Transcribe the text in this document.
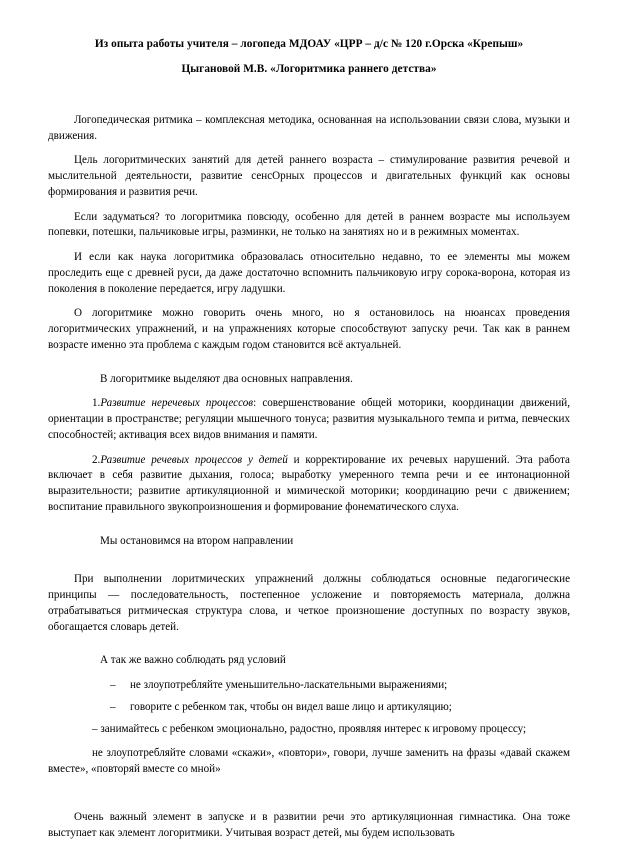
Из опыта работы учителя – логопеда МДОАУ «ЦРР – д/с № 120 г.Орска «Крепыш»
Цыгановой М.В. «Логоритмика раннего детства»

Логопедическая ритмика – комплексная методика, основанная на использовании связи слова, музыки и движения.

Цель логоритмических занятий для детей раннего возраста – стимулирование развития речевой и мыслительной деятельности, развитие сенсОрных процессов и двигательных функций как основы формирования и развития речи.

Если задуматься? то логоритмика повсюду, особенно для детей в раннем возрасте мы используем попевки, потешки, пальчиковые игры, разминки, не только на занятиях но и в режимных моментах.

И если как наука логоритмика образовалась относительно недавно, то ее элементы мы можем проследить еще с древней руси, да даже достаточно вспомнить пальчиковую игру сорока-ворона, которая из поколения в поколение передается, игру ладушки.

О логоритмике можно говорить очень много, но я остановилось на нюансах проведения логоритмических упражнений, и на упражнениях которые способствуют запуску речи. Так как в раннем возрасте именно эта проблема с каждым годом становится всё актуальней.

В логоритмике выделяют два основных направления.

1.Развитие неречевых процессов: совершенствование общей моторики, координации движений, ориентации в пространстве; регуляции мышечного тонуса; развития музыкального темпа и ритма, певческих способностей; активация всех видов внимания и памяти.

2.Развитие речевых процессов у детей и корректирование их речевых нарушений. Эта работа включает в себя развитие дыхания, голоса; выработку умеренного темпа речи и ее интонационной выразительности; развитие артикуляционной и мимической моторики; координацию речи с движением; воспитание правильного звукопроизношения и формирование фонематического слуха.

Мы остановимся на втором направлении

При выполнении лоритмических упражнений должны соблюдаться основные педагогические принципы — последовательность, постепенное усложение и повторяемость материала, должна отрабатываться ритмическая структура слова, и четкое произношение доступных по возрасту звуков, обогащается словарь детей.

А так же важно соблюдать ряд условий

– не злоупотребляйте уменьшительно-ласкательными выражениями;

– говорите с ребенком так, чтобы он видел ваше лицо и артикуляцию;

– занимайтесь с ребенком эмоционально, радостно, проявляя интерес к игровому процессу;

не злоупотребляйте словами «скажи», «повтори», говори, лучше заменить на фразы «давай скажем вместе», «повторяй вместе со мной»

Очень важный элемент в запуске и в развитии речи это артикуляционная гимнастика. Она тоже выступает как элемент логоритмики. Учитывая возраст детей, мы будем использовать
